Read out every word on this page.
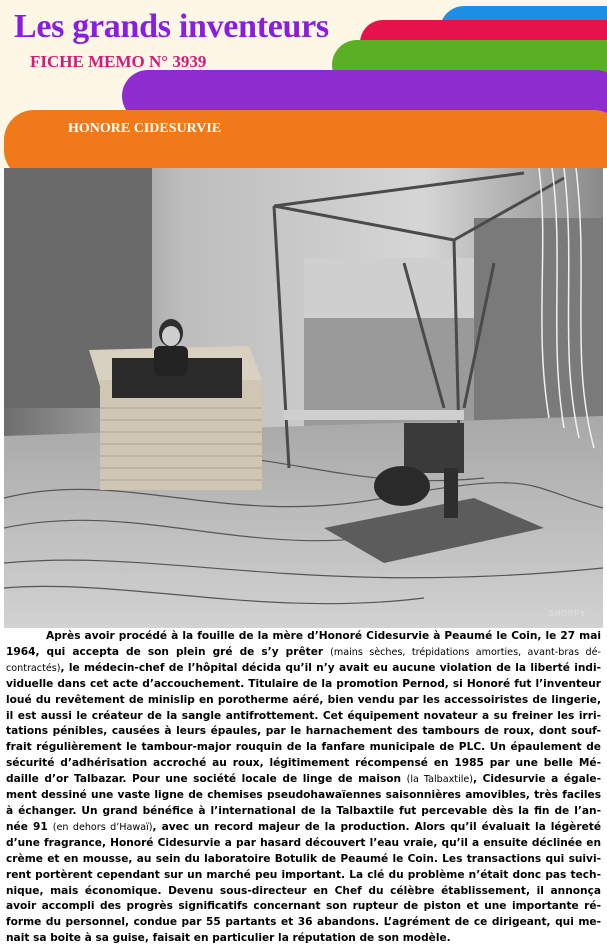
Les grands inventeurs
FICHE MEMO N° 3939
HONORE CIDESURVIE
SHORPY
Après avoir procédé à la fouille de la mère d’Honoré Cidesurvie à Peaumé le Coin, le 27 mai
1964, qui accepta de son plein gré de s’y prêter (mains sèches, trépidations amorties, avant-bras dé-
contractés), le médecin-chef de l’hôpital décida qu’il n’y avait eu aucune violation de la liberté indi-
viduelle dans cet acte d’accouchement. Titulaire de la promotion Pernod, si Honoré fut l’inventeur
loué du revêtement de minislip en porotherme aéré, bien vendu par les accessoiristes de lingerie,
il est aussi le créateur de la sangle antifrottement. Cet équipement novateur a su freiner les irri-
tations pénibles, causées à leurs épaules, par le harnachement des tambours de roux, dont souf-
frait régulièrement le tambour-major rouquin de la fanfare municipale de PLC. Un épaulement de
sécurité d’adhérisation accroché au roux, légitimement récompensé en 1985 par une belle Mé-
daille d’or Talbazar. Pour une société locale de linge de maison (la Talbaxtile), Cidesurvie a égale-
ment dessiné une vaste ligne de chemises pseudohawaïennes saisonnières amovibles, très faciles
à échanger. Un grand bénéfice à l’international de la Talbaxtile fut percevable dès la fin de l’an-
née 91 (en dehors d’Hawaï), avec un record majeur de la production. Alors qu’il évaluait la légèreté
d’une fragrance, Honoré Cidesurvie a par hasard découvert l’eau vraie, qu’il a ensuite déclinée en
crème et en mousse, au sein du laboratoire Botulik de Peaumé le Coin. Les transactions qui suivi-
rent portèrent cependant sur un marché peu important. La clé du problème n’était donc pas tech-
nique, mais économique. Devenu sous-directeur en Chef du célèbre établissement, il annonça
avoir accompli des progrès significatifs concernant son rupteur de piston et une importante ré-
forme du personnel, condue par 55 partants et 36 abandons. L’agrément de ce dirigeant, qui me-
nait sa boite à sa guise, faisait en particulier la réputation de son modèle.
